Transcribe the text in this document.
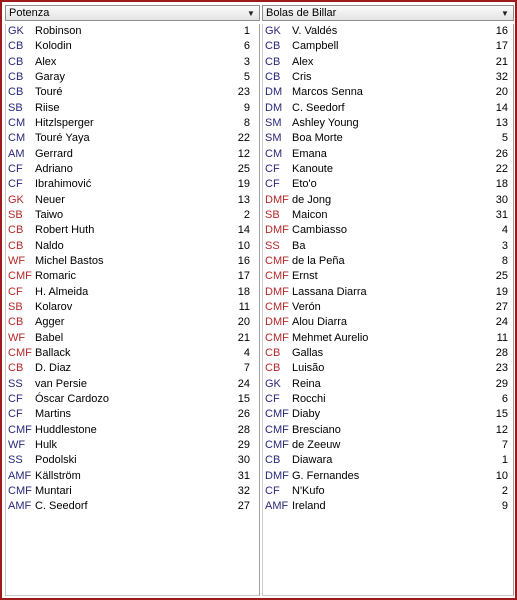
Potenza	▼
GK Robinson	1
CB Kolodin	6
CB Alex	3
CB Garay	5
CB Touré	23
SB Riise	9
CM Hitzlsperger	8
CM Touré Yaya	22
AM Gerrard	12
CF Adriano	25
CF Ibrahimović	19
GK Neuer	13
SB Taiwo	2
CB Robert Huth	14
CB Naldo	10
WF Michel Bastos	16
CMF Romaric	17
CF H. Almeida	18
SB Kolarov	11
CB Agger	20
WF Babel	21
CMF Ballack	4
CB D. Diaz	7
SS van Persie	24
CF Óscar Cardozo	15
CF Martins	26
CMF Huddlestone	28
WF Hulk	29
SS Podolski	30
AMF Källström	31
CMF Muntari	32
AMF C. Seedorf	27
Bolas de Billar	▼
GK V. Valdés	16
CB Campbell	17
CB Alex	21
CB Cris	32
DM Marcos Senna	20
DM C. Seedorf	14
SM Ashley Young	13
SM Boa Morte	5
CM Emana	26
CF Kanoute	22
CF Eto'o	18
DMF de Jong	30
SB Maicon	31
DMF Cambiasso	4
SS Ba	3
CMF de la Peña	8
CMF Ernst	25
DMF Lassana Diarra	19
CMF Verón	27
DMF Alou Diarra	24
CMF Mehmet Aurelio	11
CB Gallas	28
CB Luisão	23
GK Reina	29
CF Rocchi	6
CMF Diaby	15
CMF Bresciano	12
CMF de Zeeuw	7
CB Diawara	1
DMF G. Fernandes	10
CF N'Kufo	2
AMF Ireland	9
